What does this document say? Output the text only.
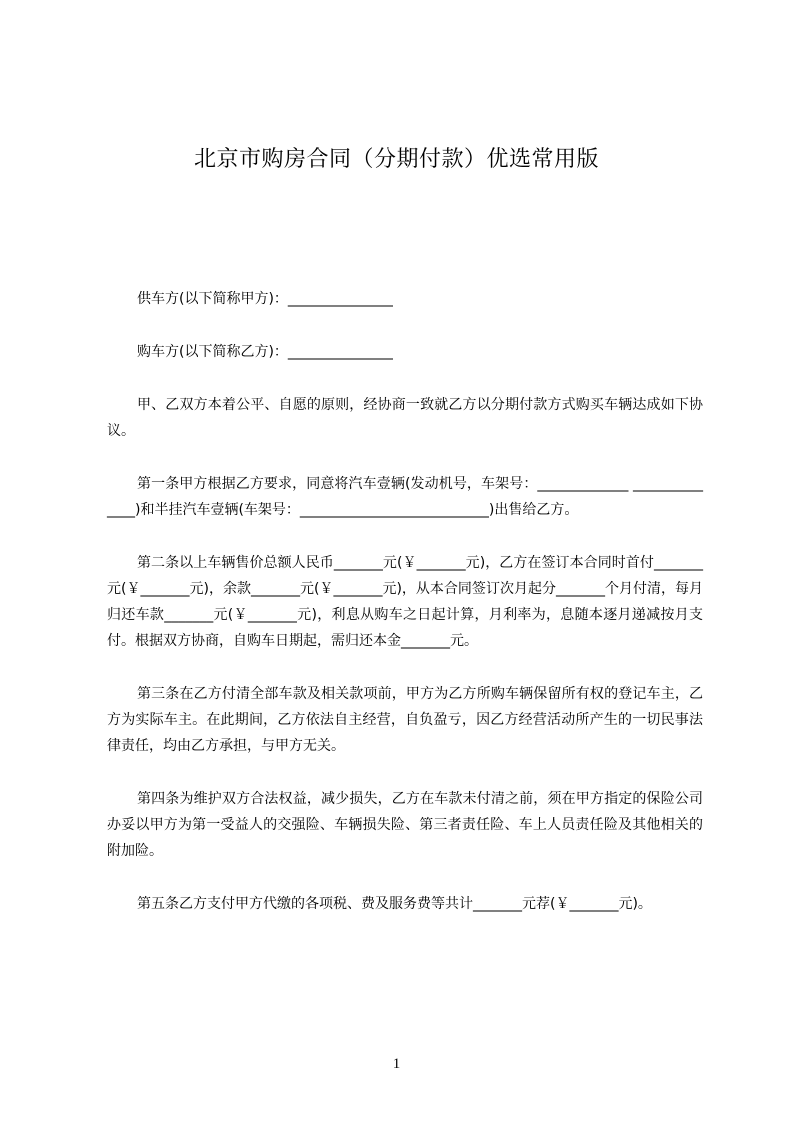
北京市购房合同（分期付款）优选常用版

供车方(以下简称甲方)：_______________

购车方(以下简称乙方)：_______________

甲、乙双方本着公平、自愿的原则，经协商一致就乙方以分期付款方式购买车辆达成如下协议。

第一条甲方根据乙方要求，同意将汽车壹辆(发动机号，车架号：_____________ ______________)和半挂汽车壹辆(车架号：___________________________)出售给乙方。

第二条以上车辆售价总额人民币_______元(￥_______元)，乙方在签订本合同时首付_______元(￥_______元)，余款_______元(￥_______元)，从本合同签订次月起分_______个月付清，每月归还车款_______元(￥_______元)，利息从购车之日起计算，月利率为，息随本逐月递减按月支付。根据双方协商，自购车日期起，需归还本金_______元。

第三条在乙方付清全部车款及相关款项前，甲方为乙方所购车辆保留所有权的登记车主，乙方为实际车主。在此期间，乙方依法自主经营，自负盈亏，因乙方经营活动所产生的一切民事法律责任，均由乙方承担，与甲方无关。

第四条为维护双方合法权益，减少损失，乙方在车款未付清之前，须在甲方指定的保险公司办妥以甲方为第一受益人的交强险、车辆损失险、第三者责任险、车上人员责任险及其他相关的附加险。

第五条乙方支付甲方代缴的各项税、费及服务费等共计_______元荐(￥_______元)。

1
